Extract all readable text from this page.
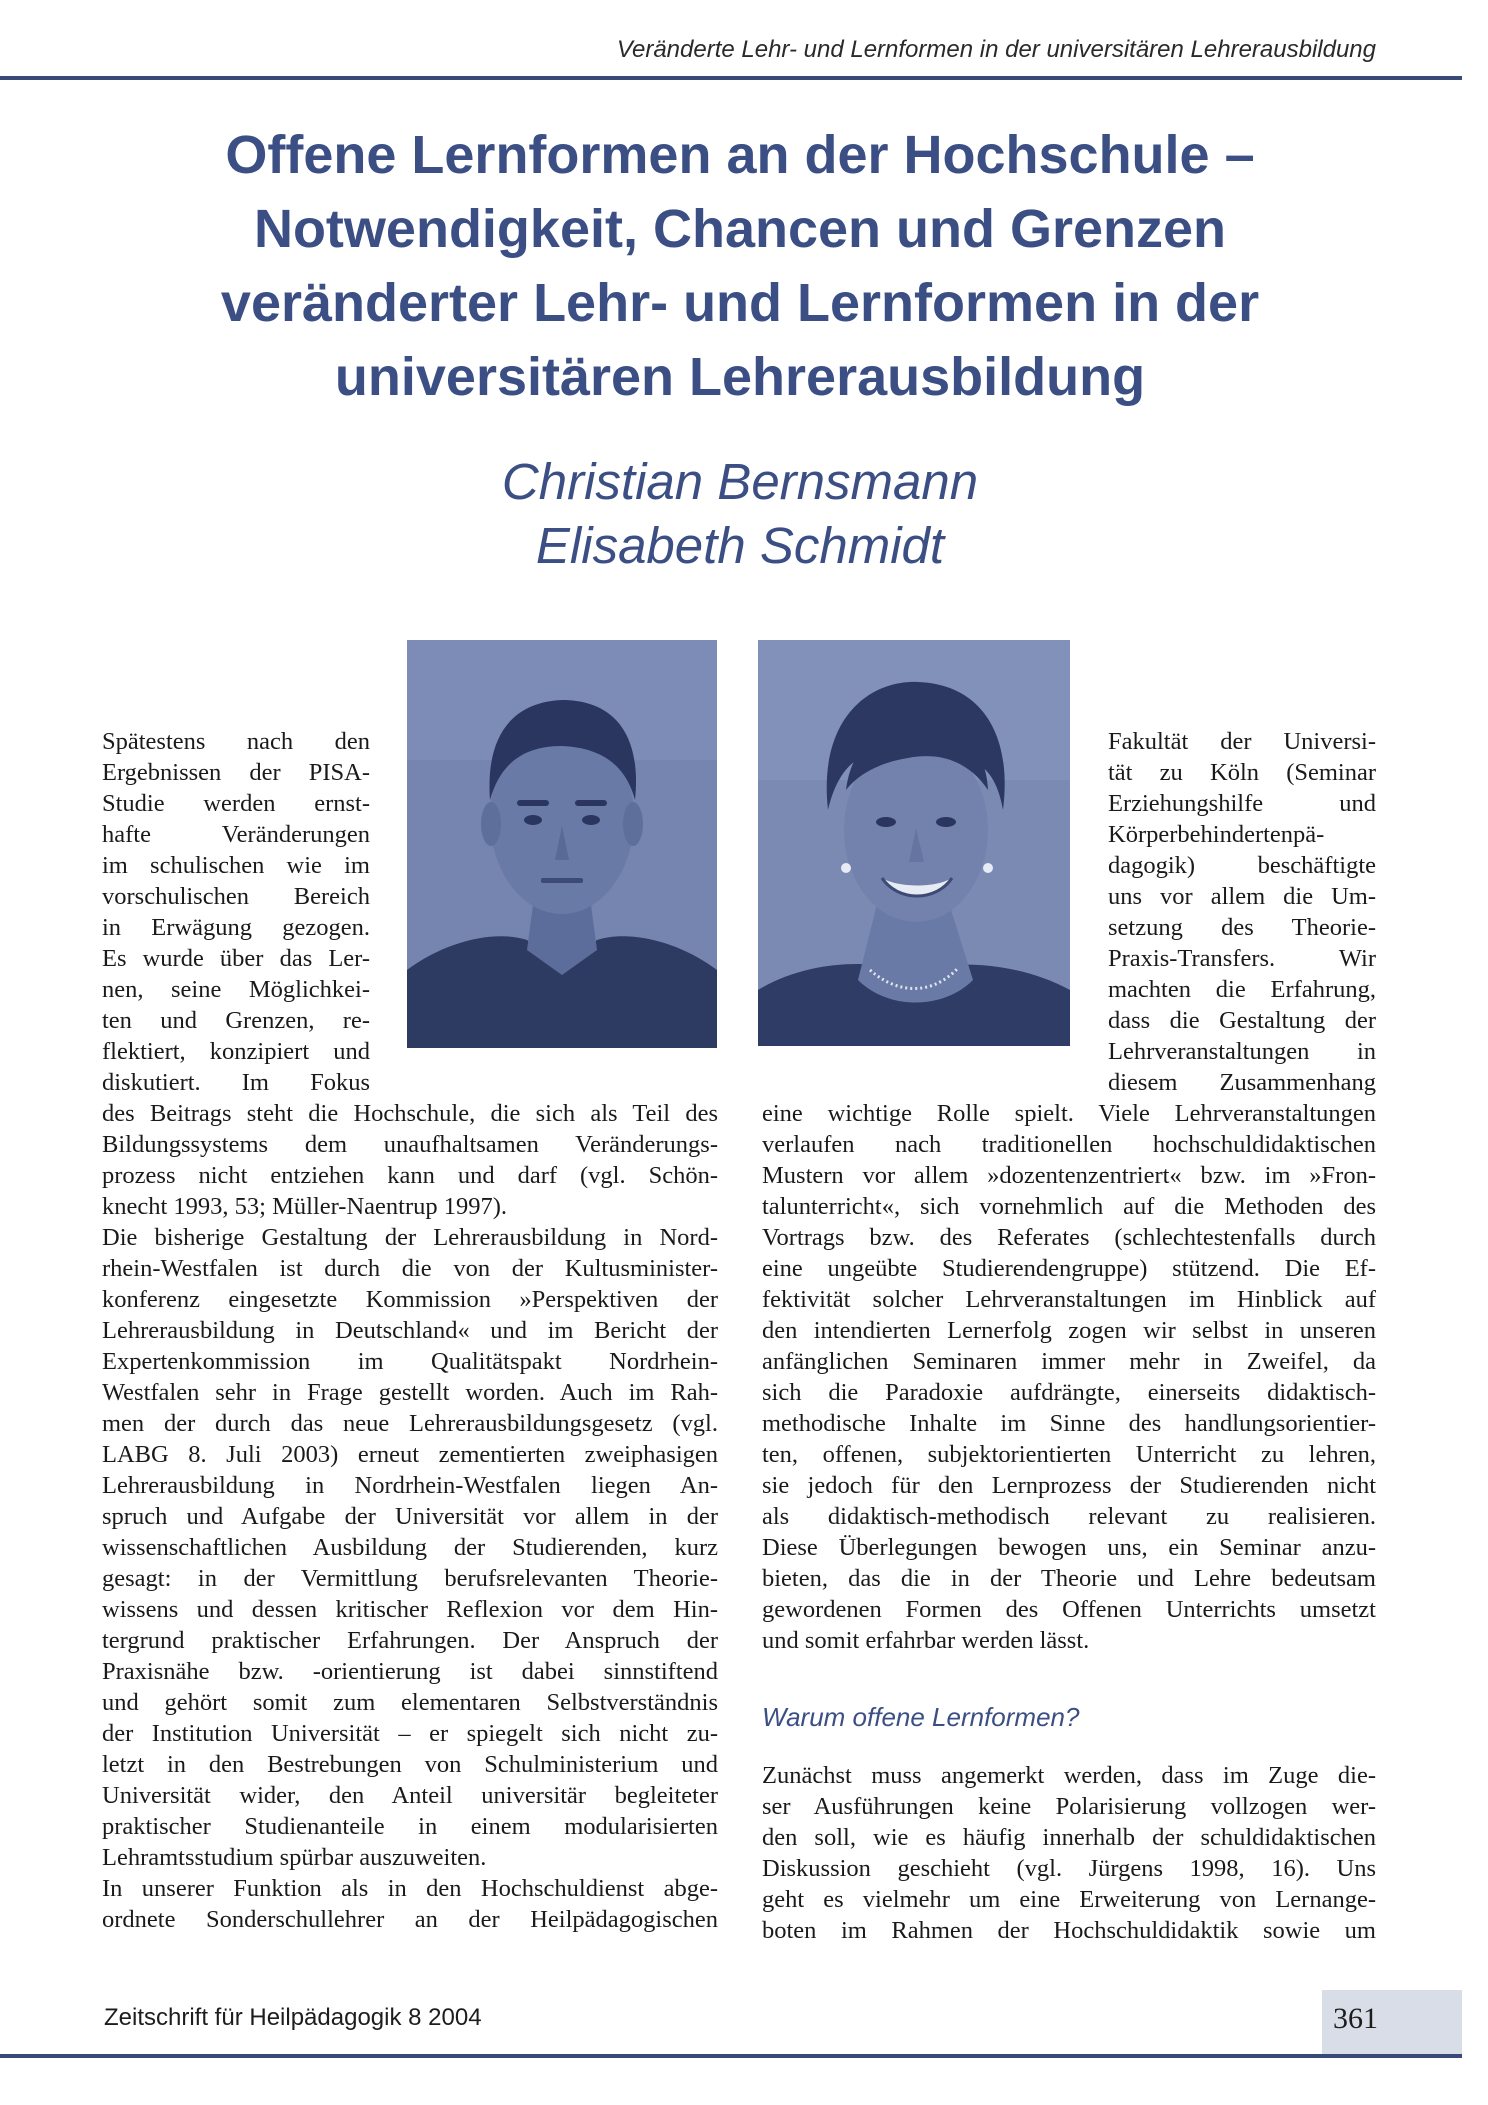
Veränderte Lehr- und Lernformen in der universitären Lehrerausbildung
Offene Lernformen an der Hochschule –
Notwendigkeit, Chancen und Grenzen
veränderter Lehr- und Lernformen in der
universitären Lehrerausbildung
Christian Bernsmann
Elisabeth Schmidt
Spätestens nach den
Ergebnissen der PISA-
Studie werden ernst-
hafte Veränderungen
im schulischen wie im
vorschulischen Bereich
in Erwägung gezogen.
Es wurde über das Ler-
nen, seine Möglichkei-
ten und Grenzen, re-
flektiert, konzipiert und
diskutiert. Im Fokus
des Beitrags steht die Hochschule, die sich als Teil des
Bildungssystems dem unaufhaltsamen Veränderungs-
prozess nicht entziehen kann und darf (vgl. Schön-
knecht 1993, 53; Müller-Naentrup 1997).
Die bisherige Gestaltung der Lehrerausbildung in Nord-
rhein-Westfalen ist durch die von der Kultusminister-
konferenz eingesetzte Kommission »Perspektiven der
Lehrerausbildung in Deutschland« und im Bericht der
Expertenkommission im Qualitätspakt Nordrhein-
Westfalen sehr in Frage gestellt worden. Auch im Rah-
men der durch das neue Lehrerausbildungsgesetz (vgl.
LABG 8. Juli 2003) erneut zementierten zweiphasigen
Lehrerausbildung in Nordrhein-Westfalen liegen An-
spruch und Aufgabe der Universität vor allem in der
wissenschaftlichen Ausbildung der Studierenden, kurz
gesagt: in der Vermittlung berufsrelevanten Theorie-
wissens und dessen kritischer Reflexion vor dem Hin-
tergrund praktischer Erfahrungen. Der Anspruch der
Praxisnähe bzw. -orientierung ist dabei sinnstiftend
und gehört somit zum elementaren Selbstverständnis
der Institution Universität – er spiegelt sich nicht zu-
letzt in den Bestrebungen von Schulministerium und
Universität wider, den Anteil universitär begleiteter
praktischer Studienanteile in einem modularisierten
Lehramtsstudium spürbar auszuweiten.
In unserer Funktion als in den Hochschuldienst abge-
ordnete Sonderschullehrer an der Heilpädagogischen
Fakultät der Universi-
tät zu Köln (Seminar
Erziehungshilfe und
Körperbehindertenpä-
dagogik) beschäftigte
uns vor allem die Um-
setzung des Theorie-
Praxis-Transfers. Wir
machten die Erfahrung,
dass die Gestaltung der
Lehrveranstaltungen in
diesem Zusammenhang
eine wichtige Rolle spielt. Viele Lehrveranstaltungen
verlaufen nach traditionellen hochschuldidaktischen
Mustern vor allem »dozentenzentriert« bzw. im »Fron-
talunterricht«, sich vornehmlich auf die Methoden des
Vortrags bzw. des Referates (schlechtestenfalls durch
eine ungeübte Studierendengruppe) stützend. Die Ef-
fektivität solcher Lehrveranstaltungen im Hinblick auf
den intendierten Lernerfolg zogen wir selbst in unseren
anfänglichen Seminaren immer mehr in Zweifel, da
sich die Paradoxie aufdrängte, einerseits didaktisch-
methodische Inhalte im Sinne des handlungsorientier-
ten, offenen, subjektorientierten Unterricht zu lehren,
sie jedoch für den Lernprozess der Studierenden nicht
als didaktisch-methodisch relevant zu realisieren.
Diese Überlegungen bewogen uns, ein Seminar anzu-
bieten, das die in der Theorie und Lehre bedeutsam
gewordenen Formen des Offenen Unterrichts umsetzt
und somit erfahrbar werden lässt.
Warum offene Lernformen?
Zunächst muss angemerkt werden, dass im Zuge die-
ser Ausführungen keine Polarisierung vollzogen wer-
den soll, wie es häufig innerhalb der schuldidaktischen
Diskussion geschieht (vgl. Jürgens 1998, 16). Uns
geht es vielmehr um eine Erweiterung von Lernange-
boten im Rahmen der Hochschuldidaktik sowie um
Zeitschrift für Heilpädagogik 8 2004	361
